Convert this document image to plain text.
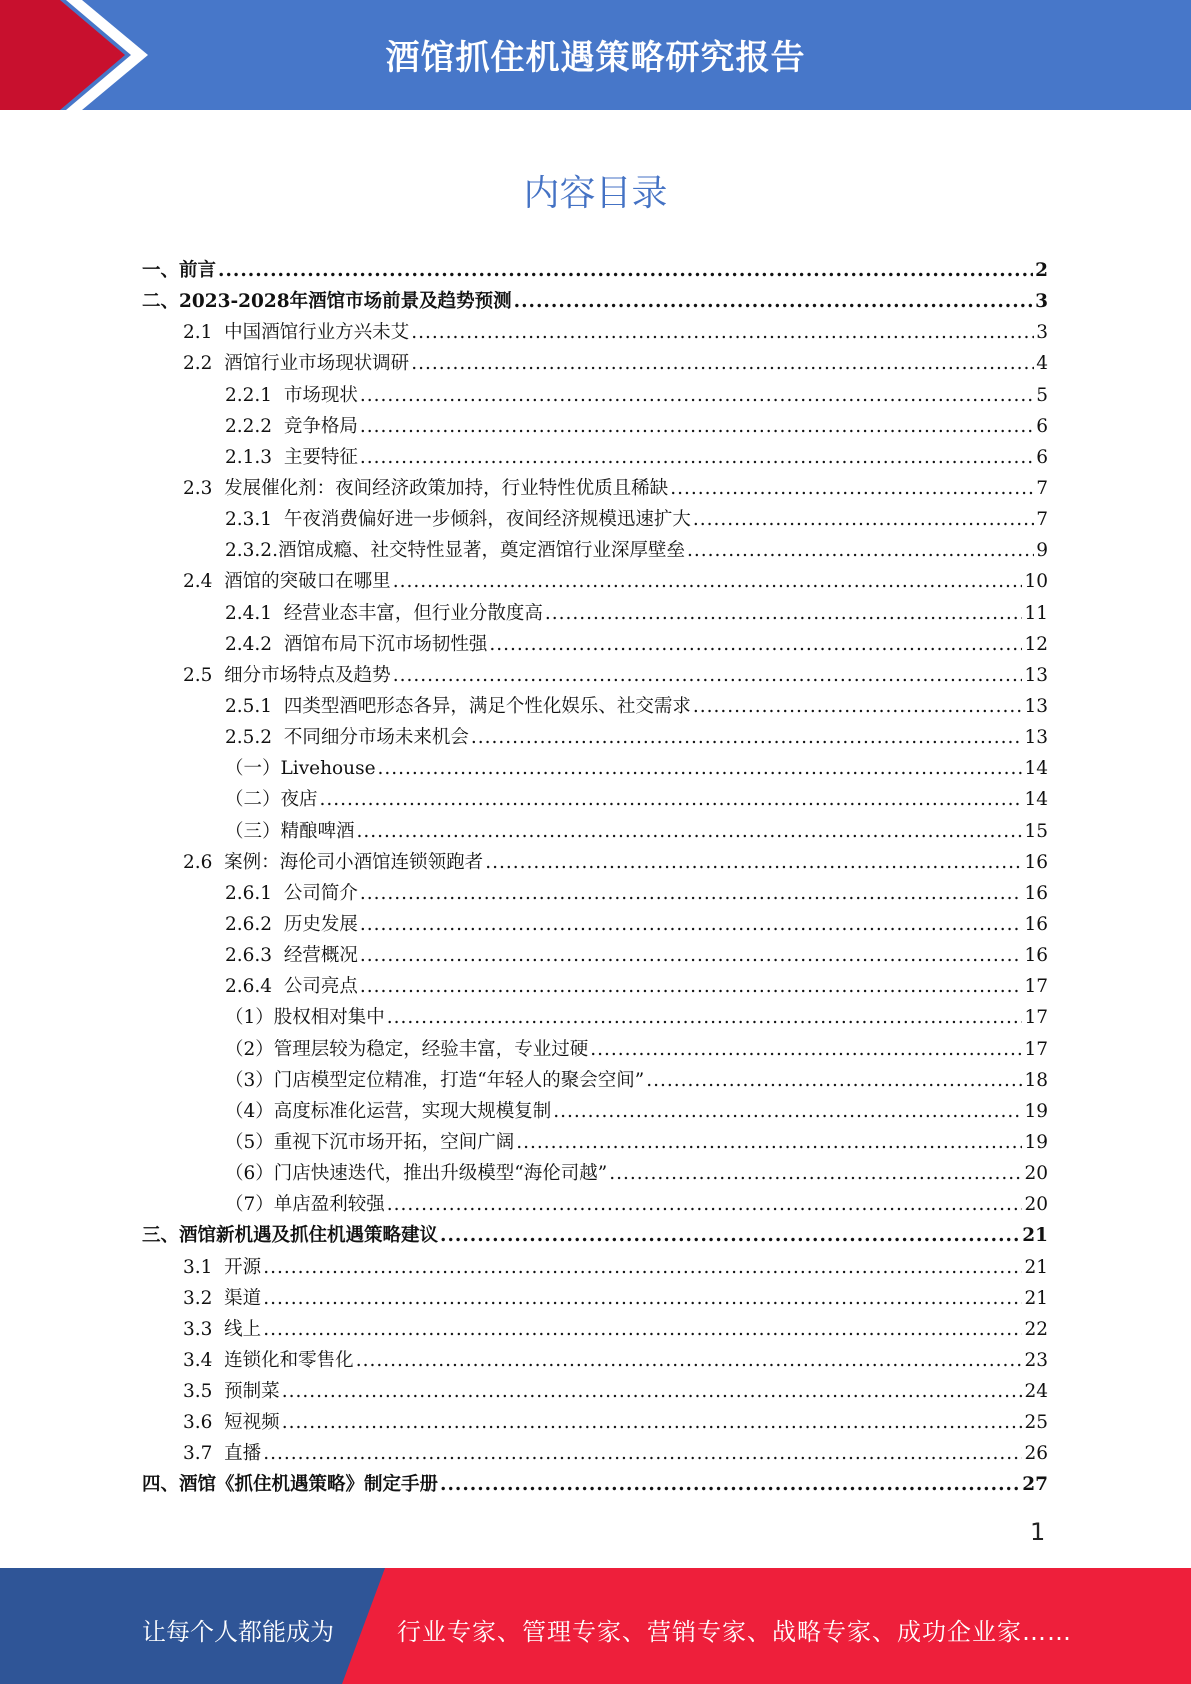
酒馆抓住机遇策略研究报告
内容目录
一、前言 .....	2
二、2023-2028年酒馆市场前景及趋势预测 .....	3
2.1  中国酒馆行业方兴未艾 .....	3
2.2  酒馆行业市场现状调研 .....	4
2.2.1  市场现状 .....	5
2.2.2  竞争格局 .....	6
2.1.3  主要特征 .....	6
2.3  发展催化剂：夜间经济政策加持，行业特性优质且稀缺 .....	7
2.3.1  午夜消费偏好进一步倾斜，夜间经济规模迅速扩大 .....	7
2.3.2.酒馆成瘾、社交特性显著，奠定酒馆行业深厚壁垒 .....	9
2.4  酒馆的突破口在哪里 .....	10
2.4.1  经营业态丰富，但行业分散度高 .....	11
2.4.2  酒馆布局下沉市场韧性强 .....	12
2.5  细分市场特点及趋势 .....	13
2.5.1  四类型酒吧形态各异，满足个性化娱乐、社交需求 .....	13
2.5.2  不同细分市场未来机会 .....	13
（一）Livehouse .....	14
（二）夜店 .....	14
（三）精酿啤酒 .....	15
2.6  案例：海伦司小酒馆连锁领跑者 .....	16
2.6.1  公司简介 .....	16
2.6.2  历史发展 .....	16
2.6.3  经营概况 .....	16
2.6.4  公司亮点 .....	17
（1）股权相对集中 .....	17
（2）管理层较为稳定，经验丰富，专业过硬 .....	17
（3）门店模型定位精准，打造“年轻人的聚会空间” .....	18
（4）高度标准化运营，实现大规模复制 .....	19
（5）重视下沉市场开拓，空间广阔 .....	19
（6）门店快速迭代，推出升级模型“海伦司越” .....	20
（7）单店盈利较强 .....	20
三、酒馆新机遇及抓住机遇策略建议 .....	21
3.1  开源 .....	21
3.2  渠道 .....	21
3.3  线上 .....	22
3.4  连锁化和零售化 .....	23
3.5  预制菜 .....	24
3.6  短视频 .....	25
3.7  直播 .....	26
四、酒馆《抓住机遇策略》制定手册 .....	27
1
让每个人都能成为	行业专家、管理专家、营销专家、战略专家、成功企业家……
